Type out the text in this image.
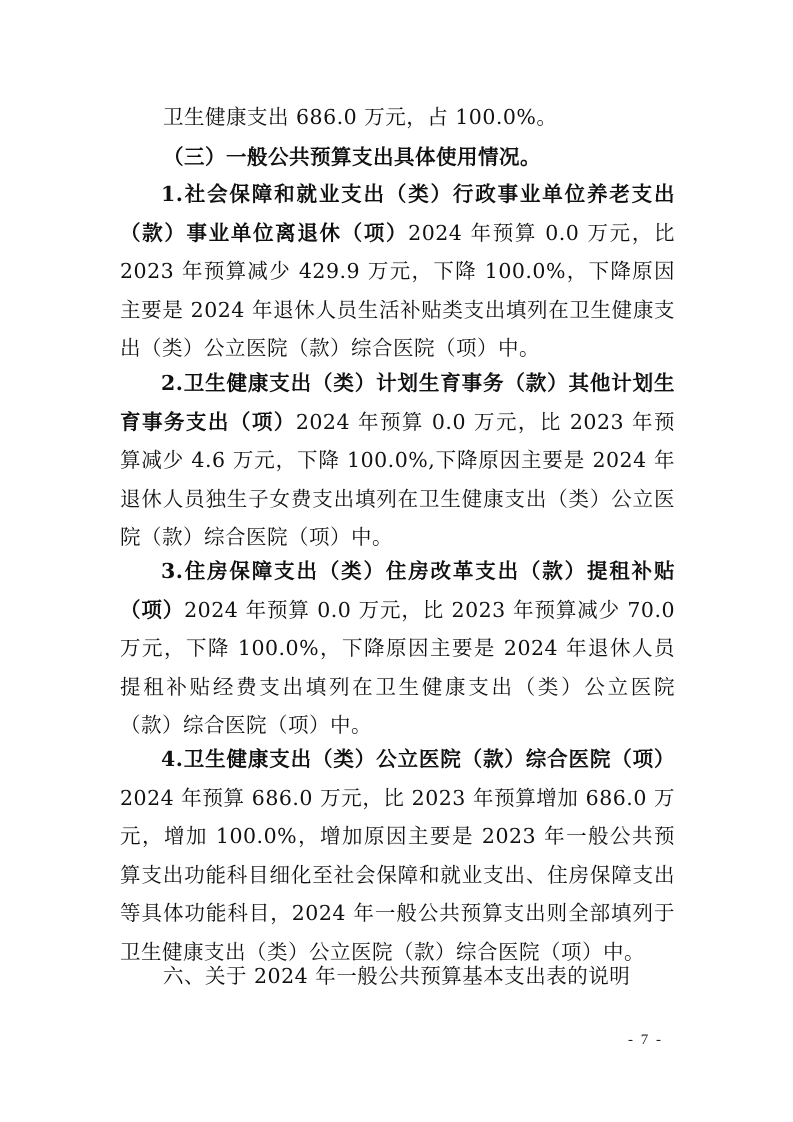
卫生健康支出 686.0 万元，占 100.0%。

（三）一般公共预算支出具体使用情况。

1.社会保障和就业支出（类）行政事业单位养老支出（款）事业单位离退休（项）2024 年预算 0.0 万元，比 2023 年预算减少 429.9 万元，下降 100.0%，下降原因主要是 2024 年退休人员生活补贴类支出填列在卫生健康支出（类）公立医院（款）综合医院（项）中。

2.卫生健康支出（类）计划生育事务（款）其他计划生育事务支出（项）2024 年预算 0.0 万元，比 2023 年预算减少 4.6 万元，下降 100.0%,下降原因主要是 2024 年退休人员独生子女费支出填列在卫生健康支出（类）公立医院（款）综合医院（项）中。

3.住房保障支出（类）住房改革支出（款）提租补贴（项）2024 年预算 0.0 万元，比 2023 年预算减少 70.0 万元，下降 100.0%，下降原因主要是 2024 年退休人员提租补贴经费支出填列在卫生健康支出（类）公立医院（款）综合医院（项）中。

4.卫生健康支出（类）公立医院（款）综合医院（项）2024 年预算 686.0 万元，比 2023 年预算增加 686.0 万元，增加 100.0%，增加原因主要是 2023 年一般公共预算支出功能科目细化至社会保障和就业支出、住房保障支出等具体功能科目，2024 年一般公共预算支出则全部填列于卫生健康支出（类）公立医院（款）综合医院（项）中。

六、关于 2024 年一般公共预算基本支出表的说明

- 7 -
